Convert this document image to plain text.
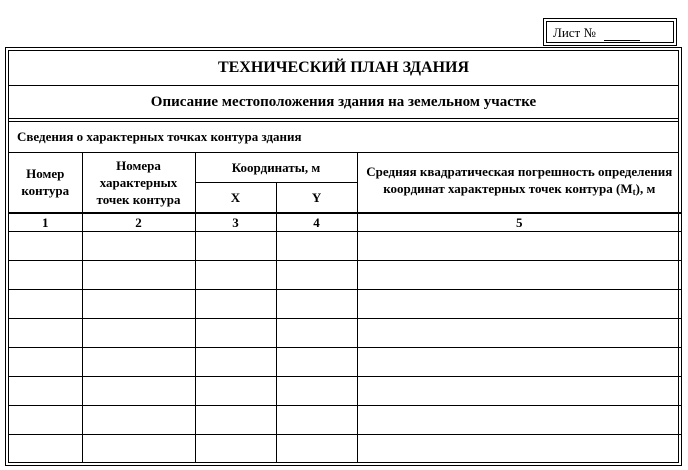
Лист №
ТЕХНИЧЕСКИЙ ПЛАН ЗДАНИЯ
Описание местоположения здания на земельном участке
Сведения о характерных точках контура здания
Номер контура	Номера характерных точек контура	Координаты, м		Средняя квадратическая погрешность определения координат характерных точек контура $(M_t)$, м
		X	Y	
1	2	3	4	5
